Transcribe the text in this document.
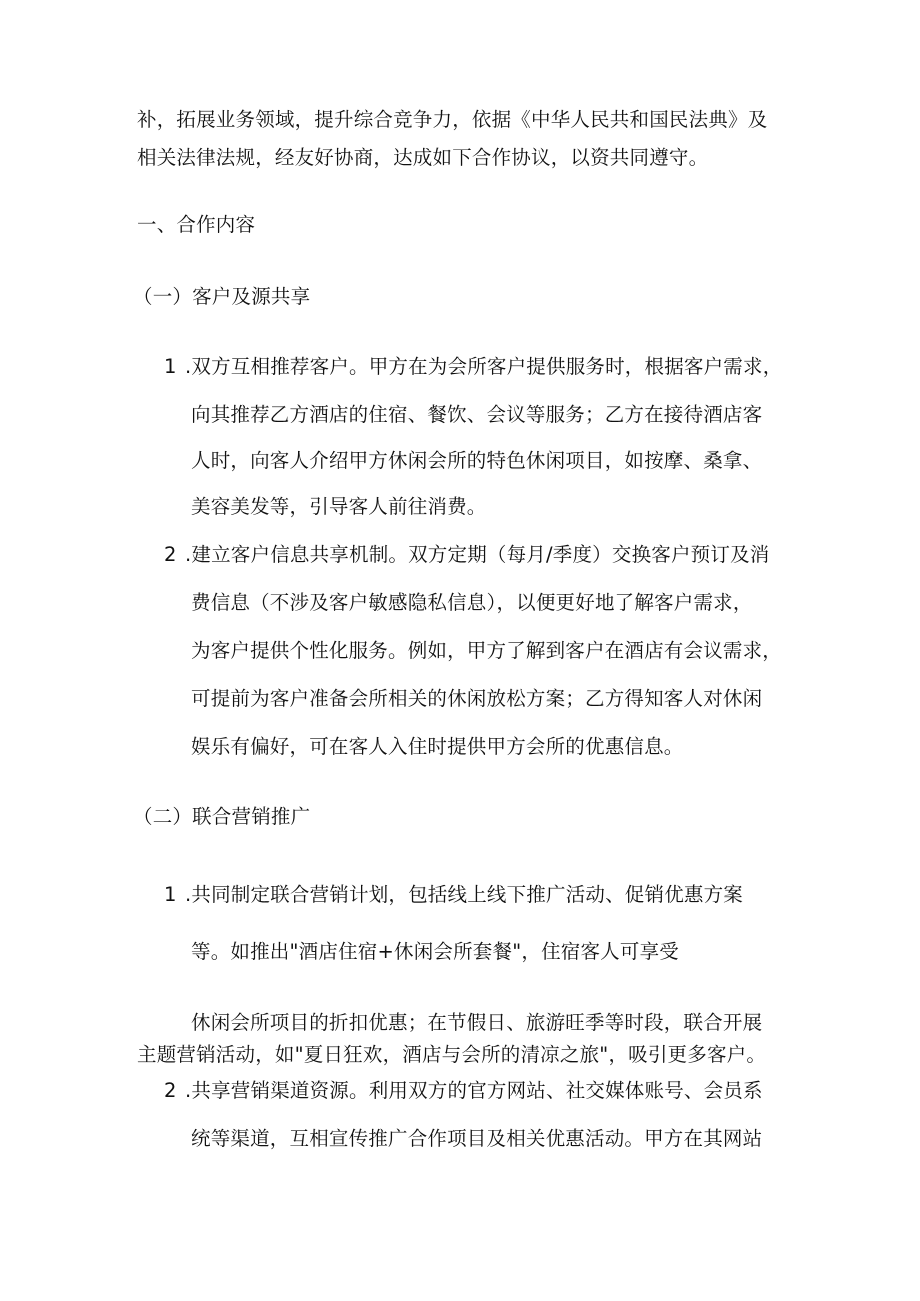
补，拓展业务领域，提升综合竞争力，依据《中华人民共和国民法典》及
相关法律法规，经友好协商，达成如下合作协议，以资共同遵守。
一、合作内容
（一）客户及源共享
1 .双方互相推荐客户。甲方在为会所客户提供服务时，根据客户需求，
向其推荐乙方酒店的住宿、餐饮、会议等服务；乙方在接待酒店客
人时，向客人介绍甲方休闲会所的特色休闲项目，如按摩、桑拿、
美容美发等，引导客人前往消费。
2 .建立客户信息共享机制。双方定期（每月/季度）交换客户预订及消
费信息（不涉及客户敏感隐私信息），以便更好地了解客户需求，
为客户提供个性化服务。例如，甲方了解到客户在酒店有会议需求，
可提前为客户准备会所相关的休闲放松方案；乙方得知客人对休闲
娱乐有偏好，可在客人入住时提供甲方会所的优惠信息。
（二）联合营销推广
1 .共同制定联合营销计划，包括线上线下推广活动、促销优惠方案
等。如推出"酒店住宿+休闲会所套餐"，住宿客人可享受
休闲会所项目的折扣优惠；在节假日、旅游旺季等时段，联合开展
主题营销活动，如"夏日狂欢，酒店与会所的清凉之旅"，吸引更多客户。
2 .共享营销渠道资源。利用双方的官方网站、社交媒体账号、会员系
统等渠道，互相宣传推广合作项目及相关优惠活动。甲方在其网站
